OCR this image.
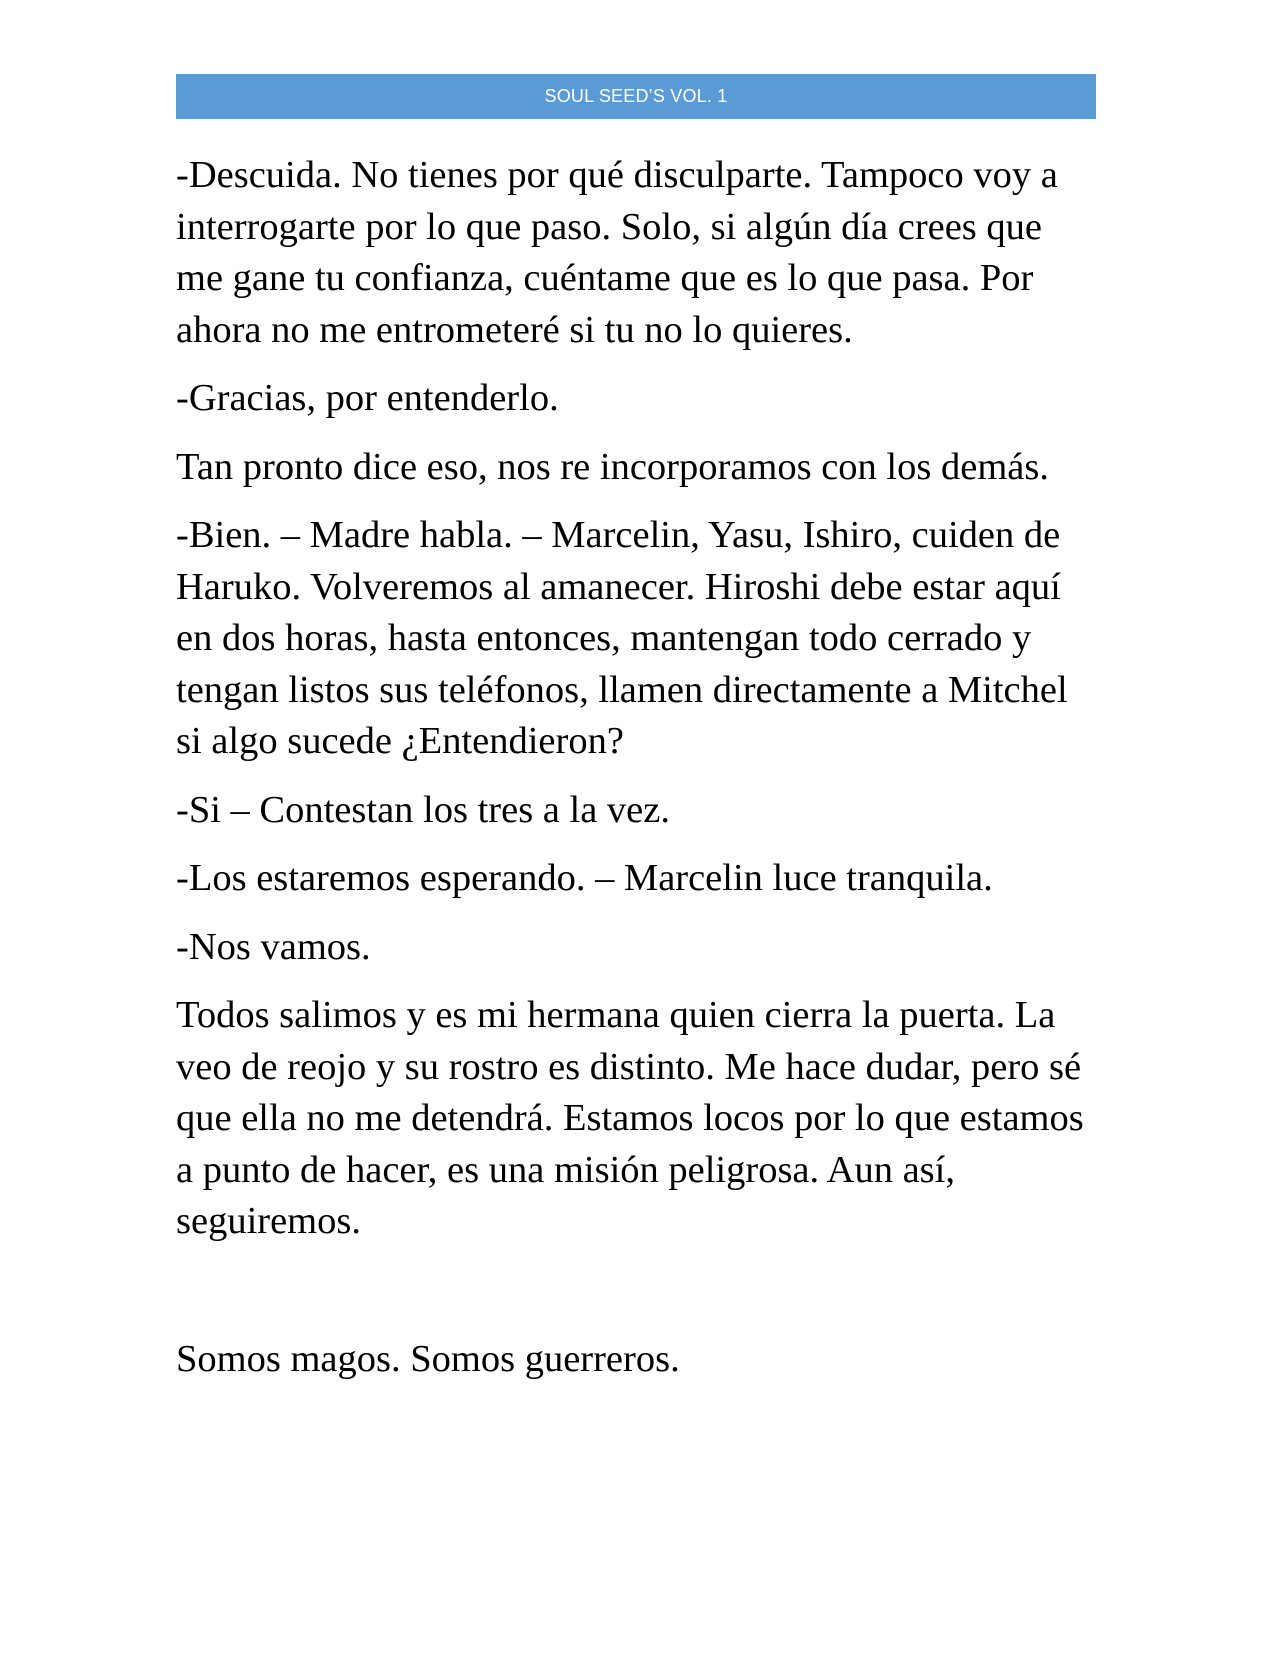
SOUL SEED’S VOL. 1

-Descuida. No tienes por qué disculparte. Tampoco voy a interrogarte por lo que paso. Solo, si algún día crees que me gane tu confianza, cuéntame que es lo que pasa. Por ahora no me entrometeré si tu no lo quieres.

-Gracias, por entenderlo.

Tan pronto dice eso, nos re incorporamos con los demás.

-Bien. – Madre habla. – Marcelin, Yasu, Ishiro, cuiden de Haruko. Volveremos al amanecer. Hiroshi debe estar aquí en dos horas, hasta entonces, mantengan todo cerrado y tengan listos sus teléfonos, llamen directamente a Mitchel si algo sucede ¿Entendieron?

-Si – Contestan los tres a la vez.

-Los estaremos esperando. – Marcelin luce tranquila.

-Nos vamos.

Todos salimos y es mi hermana quien cierra la puerta. La veo de reojo y su rostro es distinto. Me hace dudar, pero sé que ella no me detendrá. Estamos locos por lo que estamos a punto de hacer, es una misión peligrosa. Aun así, seguiremos.

Somos magos. Somos guerreros.
